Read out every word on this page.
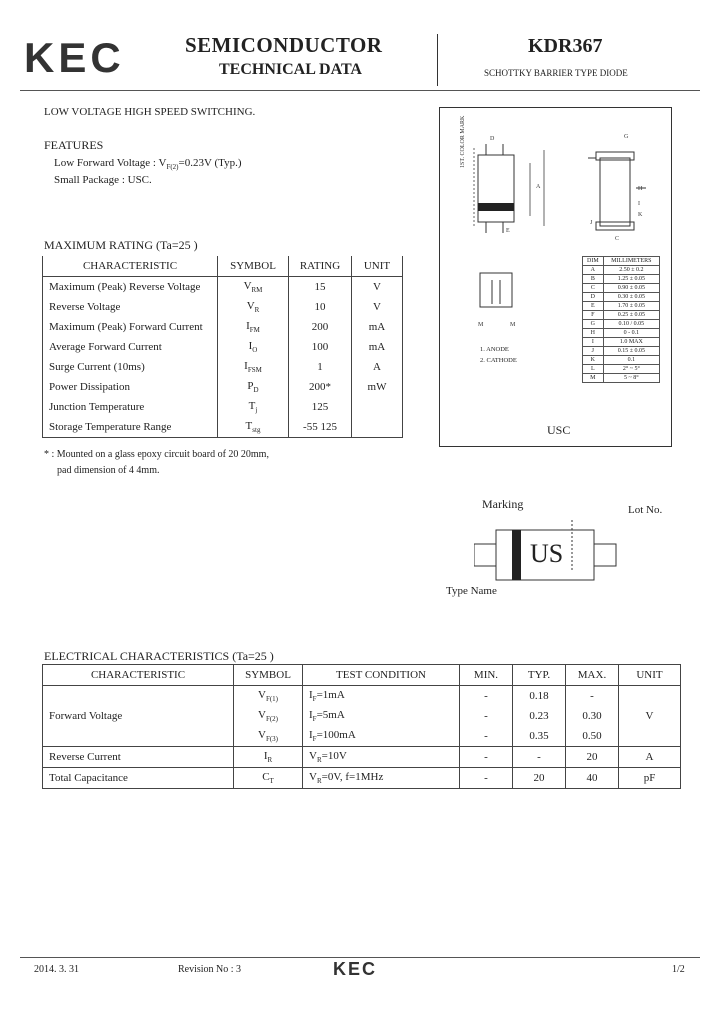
KEC	SEMICONDUCTOR
TECHNICAL DATA
KDR367
SCHOTTKY BARRIER TYPE DIODE
LOW VOLTAGE HIGH SPEED SWITCHING.
FEATURES
Low Forward Voltage : $V_{F(2)}=0.23V$ (Typ.)
Small Package : USC.
MAXIMUM RATING (Ta=25 )
CHARACTERISTIC	SYMBOL	RATING	UNIT
Maximum (Peak) Reverse Voltage	$V_{RM}$	15	V
Reverse Voltage	$V_R$	10	V
Maximum (Peak) Forward Current	$I_{FM}$	200	mA
Average Forward Current	$I_O$	100	mA
Surge Current (10ms)	$I_{FSM}$	1	A
Power Dissipation	$P_D$	200*	mW
Junction Temperature	$T_j$	125	
Storage Temperature Range	$T_{stg}$	-55 125	
* : Mounted on a glass epoxy circuit board of 20 20mm,
pad dimension of 4 4mm.
A
D
E
1ST. COLOR MARK	G
H
I
J
C
K
M	M
1. ANODE
2. CATHODE
DIM	MILLIMETERS
A	2.50 ± 0.2
B	1.25 ± 0.05
C	0.90 ± 0.05
D	0.30 ± 0.05
E	1.70 ± 0.05
F	0.25 ± 0.05
G	0.10 / 0.05
H	0 - 0.1
I	1.0 MAX
J	0.15 ± 0.05
K	0.1
L	2° ~ 5°
M	5 ~ 8°
USC
Marking	Lot No.
US
Type Name
ELECTRICAL CHARACTERISTICS (Ta=25 )
CHARACTERISTIC	SYMBOL	TEST CONDITION	MIN.	TYP.	MAX.	UNIT
Forward Voltage	$V_{F(1)}$	$I_F=1mA$	-	0.18	-	V
	$V_{F(2)}$	$I_F=5mA$	-	0.23	0.30	
	$V_{F(3)}$	$I_F=100mA$	-	0.35	0.50	
Reverse Current	$I_R$	$V_R=10V$	-	-	20	A
Total Capacitance	$C_T$	$V_R=0V$, f=1MHz	-	20	40	pF
2014. 3. 31	Revision No : 3	KEC	1/2
